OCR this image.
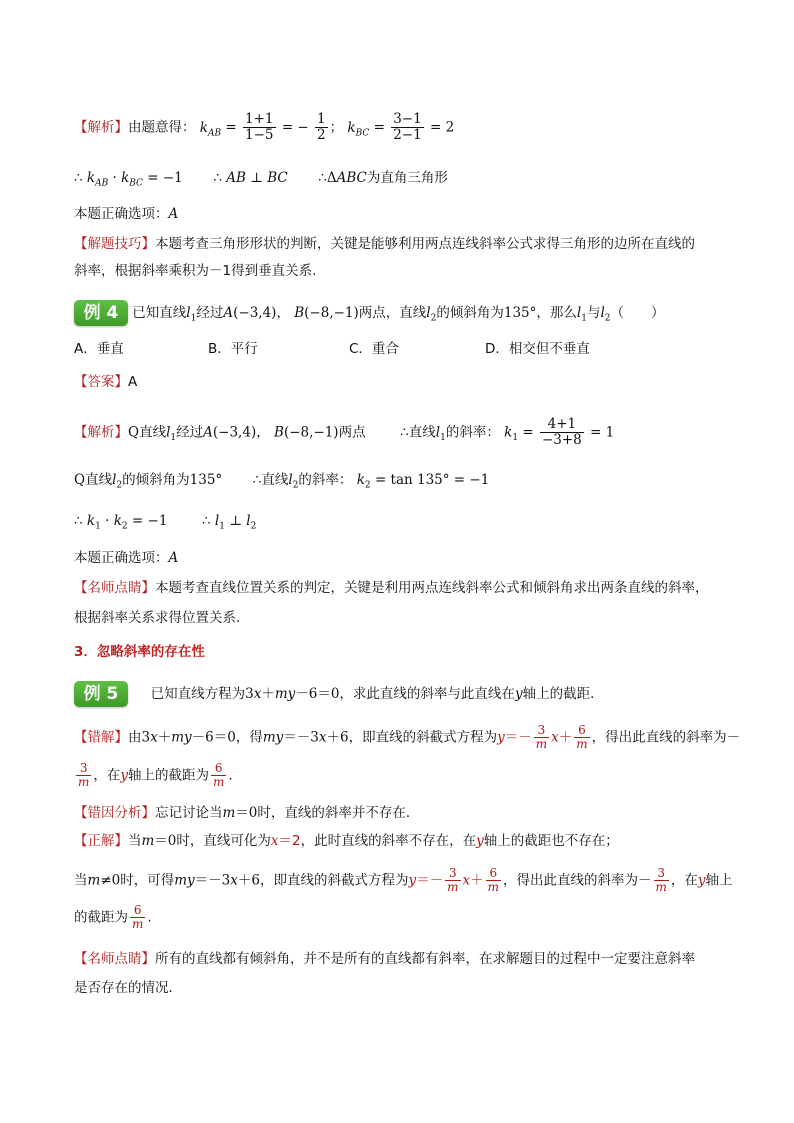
【解析】由题意得： $k_{AB} = \frac{1+1}{1-5}$ = − $\frac{1}{2}$ ； $k_{BC} = \frac{3-1}{2-1} = 2$
∴ $k_{AB} \cdot k_{BC} = -1$ ∴ AB ⊥ BC ∴ΔABC为直角三角形
本题正确选项：A
【解题技巧】本题考查三角形形状的判断，关键是能够利用两点连线斜率公式求得三角形的边所在直线的
斜率，根据斜率乘积为－1得到垂直关系.
例 4 已知直线$l_1$经过A(−3,4)， B(−8,−1)两点，直线$l_2$的倾斜角为135°，那么$l_1$与$l_2$（　　）
A．垂直	B．平行	C．重合	D．相交但不垂直
【答案】A
【解析】Q直线$l_1$经过A(−3,4)， B(−8,−1)两点	∴直线$l_1$的斜率： $k_1 = \frac{4+1}{-3+8} = 1$
Q直线$l_2$的倾斜角为135° ∴直线$l_2$的斜率： $k_2 = \tan 135^\circ = -1$
∴ $k_1 \cdot k_2 = -1$	∴ $l_1$ ⊥ $l_2$
本题正确选项：A
【名师点睛】本题考查直线位置关系的判定，关键是利用两点连线斜率公式和倾斜角求出两条直线的斜率，
根据斜率关系求得位置关系.
3．忽略斜率的存在性
例 5 已知直线方程为3x＋my－6＝0，求此直线的斜率与此直线在y轴上的截距．
【错解】由3x＋my－6＝0，得my＝－3x＋6，即直线的斜截式方程为$y=- \frac{3}{m} x+ \frac{6}{m}$ ，得出此直线的斜率为－
$\frac{3}{m}$ ，在y轴上的截距为 $\frac{6}{m}$ .
【错因分析】忘记讨论当m＝0时，直线的斜率并不存在．
【正解】当m＝0时，直线可化为x＝2，此时直线的斜率不存在，在y轴上的截距也不存在；
当m≠0时，可得my＝－3x＋6，即直线的斜截式方程为$y=- \frac{3}{m} x+ \frac{6}{m}$ ，得出此直线的斜率为－ $\frac{3}{m}$ ，在y轴上
的截距为 $\frac{6}{m}$ .
【名师点睛】所有的直线都有倾斜角，并不是所有的直线都有斜率，在求解题目的过程中一定要注意斜率
是否存在的情况．
